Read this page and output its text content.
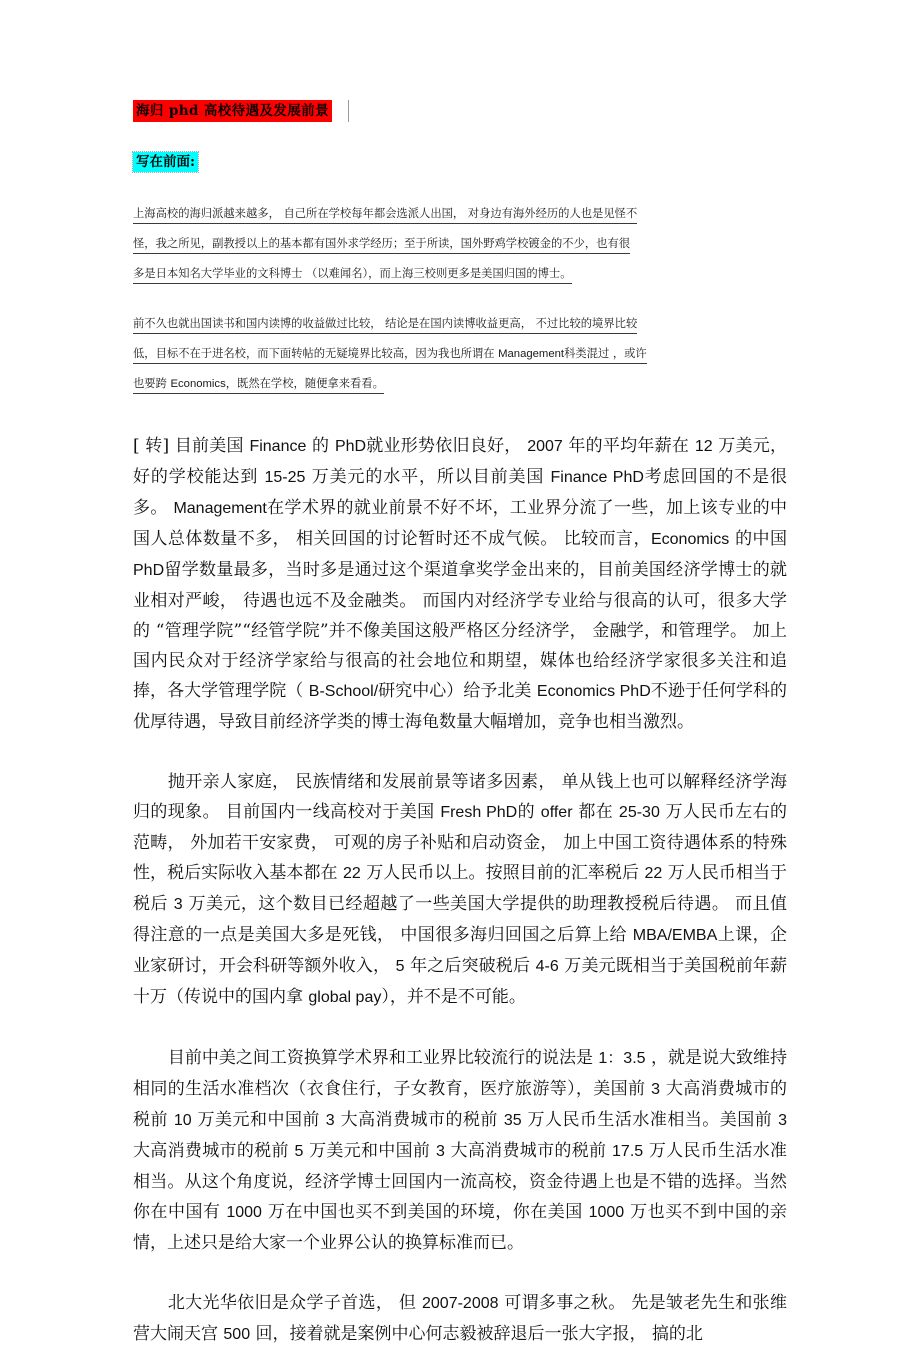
海归 phd 高校待遇及发展前景
写在前面:
上海高校的海归派越来越多， 自己所在学校每年都会选派人出国， 对身边有海外经历的人也是见怪不
怪，我之所见，副教授以上的基本都有国外求学经历；至于所读，国外野鸡学校镀金的不少，也有很
多是日本知名大学毕业的文科博士 （以难闻名），而上海三校则更多是美国归国的博士。
前不久也就出国读书和国内读博的收益做过比较， 结论是在国内读博收益更高， 不过比较的境界比较
低，目标不在于进名校，而下面转帖的无疑境界比较高，因为我也所谓在 Management科类混过 ，或许
也要跨 Economics，既然在学校，随便拿来看看。

[ 转] 目前美国 Finance 的 PhD就业形势依旧良好， 2007 年的平均年薪在 12 万美元，好的学校能达到 15-25 万美元的水平，所以目前美国 Finance PhD考虑回国的不是很多。 Management在学术界的就业前景不好不坏，工业界分流了一些，加上该专业的中国人总体数量不多， 相关回国的讨论暂时还不成气候。 比较而言，Economics 的中国 PhD留学数量最多，当时多是通过这个渠道拿奖学金出来的，目前美国经济学博士的就业相对严峻， 待遇也远不及金融类。 而国内对经济学专业给与很高的认可，很多大学的 “管理学院”“经管学院”并不像美国这般严格区分经济学， 金融学，和管理学。 加上国内民众对于经济学家给与很高的社会地位和期望，媒体也给经济学家很多关注和追捧，各大学管理学院（ B-School/研究中心）给予北美 Economics PhD不逊于任何学科的优厚待遇，导致目前经济学类的博士海龟数量大幅增加，竞争也相当激烈。

抛开亲人家庭， 民族情绪和发展前景等诸多因素， 单从钱上也可以解释经济学海归的现象。 目前国内一线高校对于美国 Fresh PhD的 offer 都在 25-30 万人民币左右的范畴， 外加若干安家费， 可观的房子补贴和启动资金， 加上中国工资待遇体系的特殊性，税后实际收入基本都在 22 万人民币以上。按照目前的汇率税后 22 万人民币相当于税后 3 万美元，这个数目已经超越了一些美国大学提供的助理教授税后待遇。 而且值得注意的一点是美国大多是死钱， 中国很多海归回国之后算上给 MBA/EMBA上课，企业家研讨，开会科研等额外收入， 5 年之后突破税后 4-6 万美元既相当于美国税前年薪十万（传说中的国内拿 global pay），并不是不可能。

目前中美之间工资换算学术界和工业界比较流行的说法是 1：3.5 ，就是说大致维持相同的生活水准档次（衣食住行，子女教育，医疗旅游等），美国前 3 大高消费城市的税前 10 万美元和中国前 3 大高消费城市的税前 35 万人民币生活水准相当。美国前 3 大高消费城市的税前 5 万美元和中国前 3 大高消费城市的税前 17.5 万人民币生活水准相当。从这个角度说，经济学博士回国内一流高校，资金待遇上也是不错的选择。当然你在中国有 1000 万在中国也买不到美国的环境，你在美国 1000 万也买不到中国的亲情，上述只是给大家一个业界公认的换算标准而已。

北大光华依旧是众学子首选， 但 2007-2008 可谓多事之秋。 先是皱老先生和张维营大闹天宫 500 回，接着就是案例中心何志毅被辞退后一张大字报， 搞的北
